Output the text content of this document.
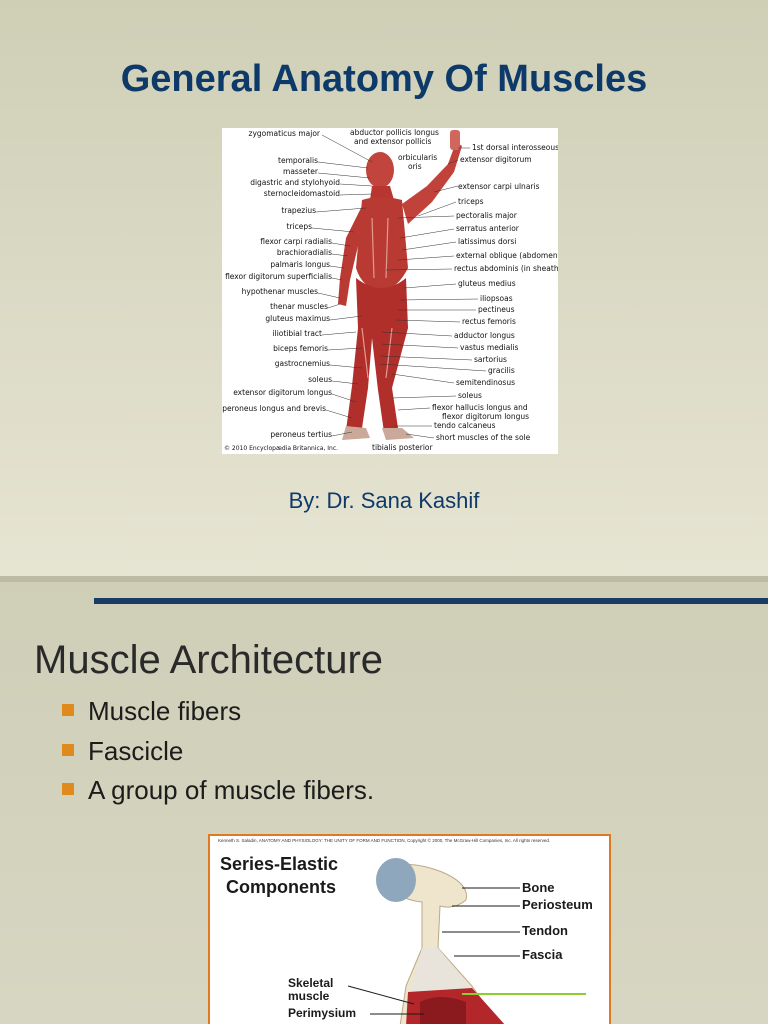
General Anatomy Of Muscles
zygomaticus major
temporalis
masseter
digastric and stylohyoid
sternocleidomastoid
trapezius
triceps
flexor carpi radialis
brachioradialis
palmaris longus
flexor digitorum superficialis
hypothenar muscles
thenar muscles
gluteus maximus
iliotibial tract
biceps femoris
gastrocnemius
soleus
extensor digitorum longus
peroneus longus and brevis
peroneus tertius
abductor pollicis longus
and extensor pollicis
orbicularis
oris
1st dorsal interosseous
extensor digitorum
extensor carpi ulnaris
triceps
pectoralis major
serratus anterior
latissimus dorsi
external oblique (abdomen)
rectus abdominis (in sheath)
gluteus medius
iliopsoas
pectineus
rectus femoris
adductor longus
vastus medialis
sartorius
gracilis
semitendinosus
soleus
flexor hallucis longus and
flexor digitorum longus
tendo calcaneus
short muscles of the sole
tibialis posterior
© 2010 Encyclopædia Britannica, Inc.
By: Dr. Sana Kashif
Muscle Architecture
Muscle fibers
Fascicle
A group of muscle fibers.
Kenneth S. Saladin, ANATOMY AND PHYSIOLOGY: THE UNITY OF FORM AND FUNCTION, Copyright © 2000, The McGraw-Hill Companies, Inc. All rights reserved.
Series-Elastic
Components	Bone
Periosteum
Tendon
Fascia
Skeletal
muscle
Perimysium
